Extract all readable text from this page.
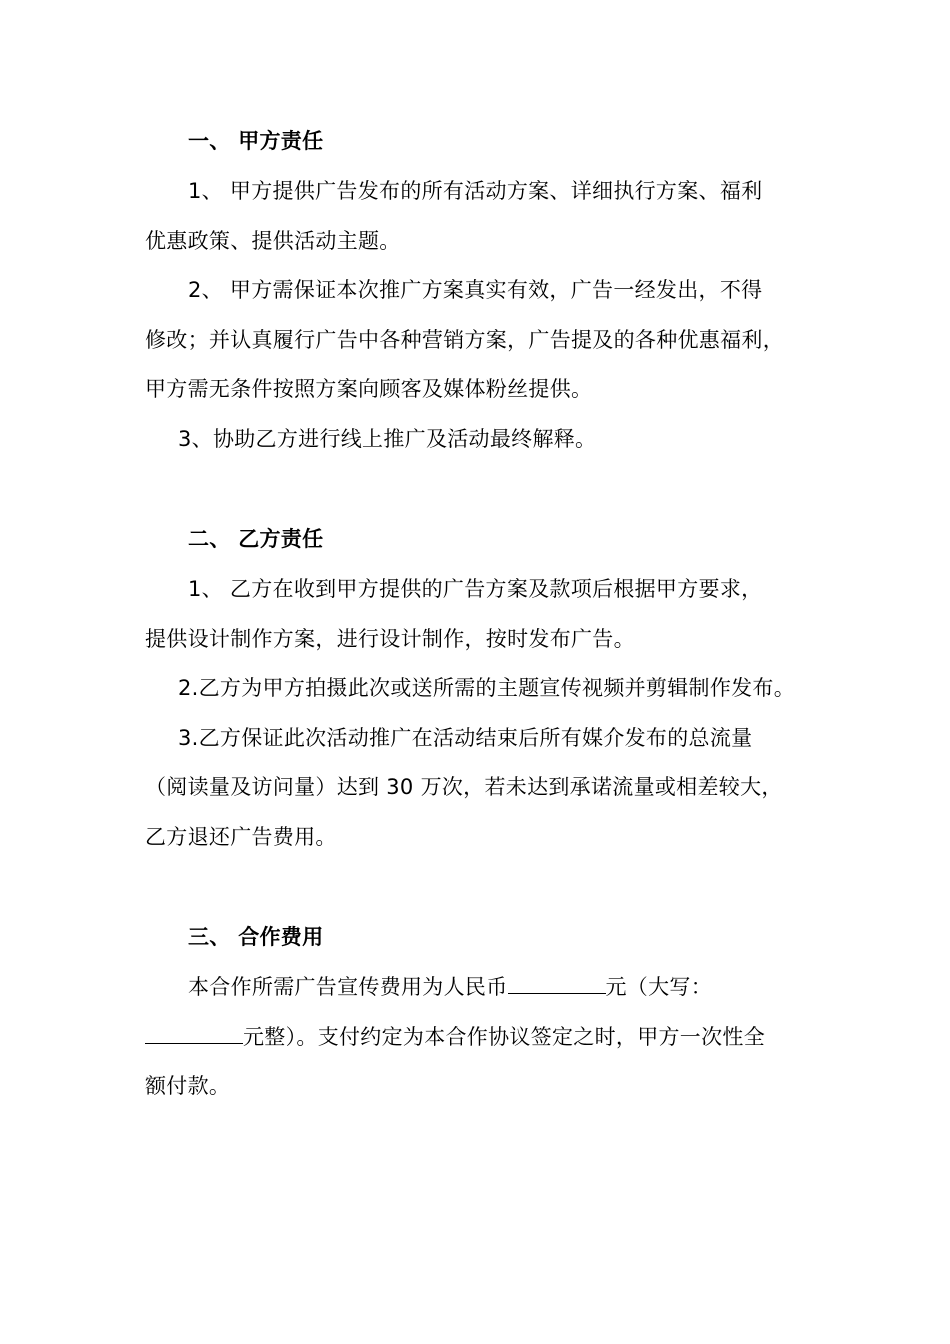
一、 甲方责任
1、 甲方提供广告发布的所有活动方案、详细执行方案、福利
优惠政策、提供活动主题。
2、 甲方需保证本次推广方案真实有效，广告一经发出，不得
修改；并认真履行广告中各种营销方案，广告提及的各种优惠福利，
甲方需无条件按照方案向顾客及媒体粉丝提供。
3、协助乙方进行线上推广及活动最终解释。
二、 乙方责任
1、 乙方在收到甲方提供的广告方案及款项后根据甲方要求，
提供设计制作方案，进行设计制作，按时发布广告。
2.乙方为甲方拍摄此次或送所需的主题宣传视频并剪辑制作发布。
3.乙方保证此次活动推广在活动结束后所有媒介发布的总流量
（阅读量及访问量）达到 30 万次，若未达到承诺流量或相差较大，
乙方退还广告费用。
三、 合作费用
本合作所需广告宣传费用为人民币	元（大写：
元整）。支付约定为本合作协议签定之时，甲方一次性全
额付款。
